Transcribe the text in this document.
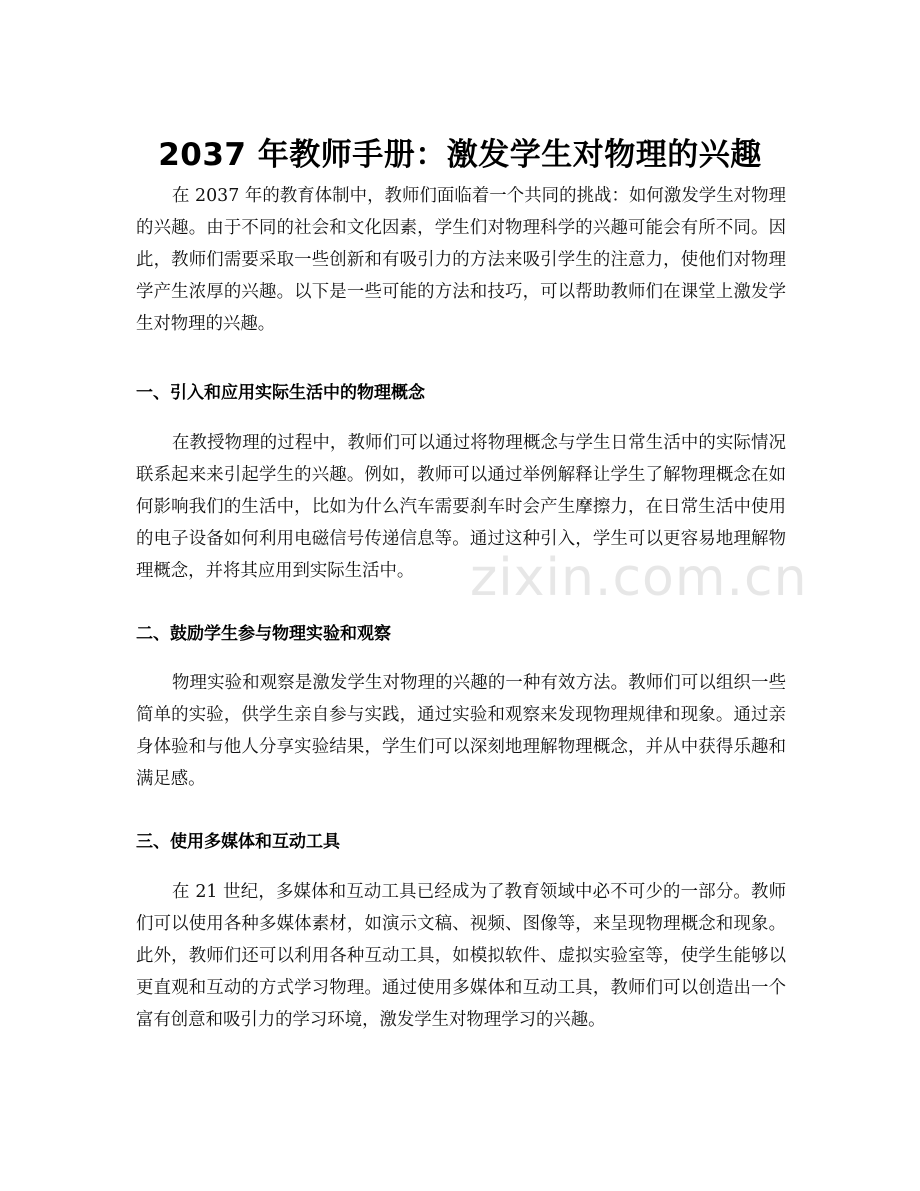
2037 年教师手册：激发学生对物理的兴趣

在 2037 年的教育体制中，教师们面临着一个共同的挑战：如何激发学生对物理的兴趣。由于不同的社会和文化因素，学生们对物理科学的兴趣可能会有所不同。因此，教师们需要采取一些创新和有吸引力的方法来吸引学生的注意力，使他们对物理学产生浓厚的兴趣。以下是一些可能的方法和技巧，可以帮助教师们在课堂上激发学生对物理的兴趣。

一、引入和应用实际生活中的物理概念

在教授物理的过程中，教师们可以通过将物理概念与学生日常生活中的实际情况联系起来来引起学生的兴趣。例如，教师可以通过举例解释让学生了解物理概念在如何影响我们的生活中，比如为什么汽车需要刹车时会产生摩擦力，在日常生活中使用的电子设备如何利用电磁信号传递信息等。通过这种引入，学生可以更容易地理解物理概念，并将其应用到实际生活中。

二、鼓励学生参与物理实验和观察

物理实验和观察是激发学生对物理的兴趣的一种有效方法。教师们可以组织一些简单的实验，供学生亲自参与实践，通过实验和观察来发现物理规律和现象。通过亲身体验和与他人分享实验结果，学生们可以深刻地理解物理概念，并从中获得乐趣和满足感。

三、使用多媒体和互动工具

在 21 世纪，多媒体和互动工具已经成为了教育领域中必不可少的一部分。教师们可以使用各种多媒体素材，如演示文稿、视频、图像等，来呈现物理概念和现象。此外，教师们还可以利用各种互动工具，如模拟软件、虚拟实验室等，使学生能够以更直观和互动的方式学习物理。通过使用多媒体和互动工具，教师们可以创造出一个富有创意和吸引力的学习环境，激发学生对物理学习的兴趣。

zixin.com.cn
